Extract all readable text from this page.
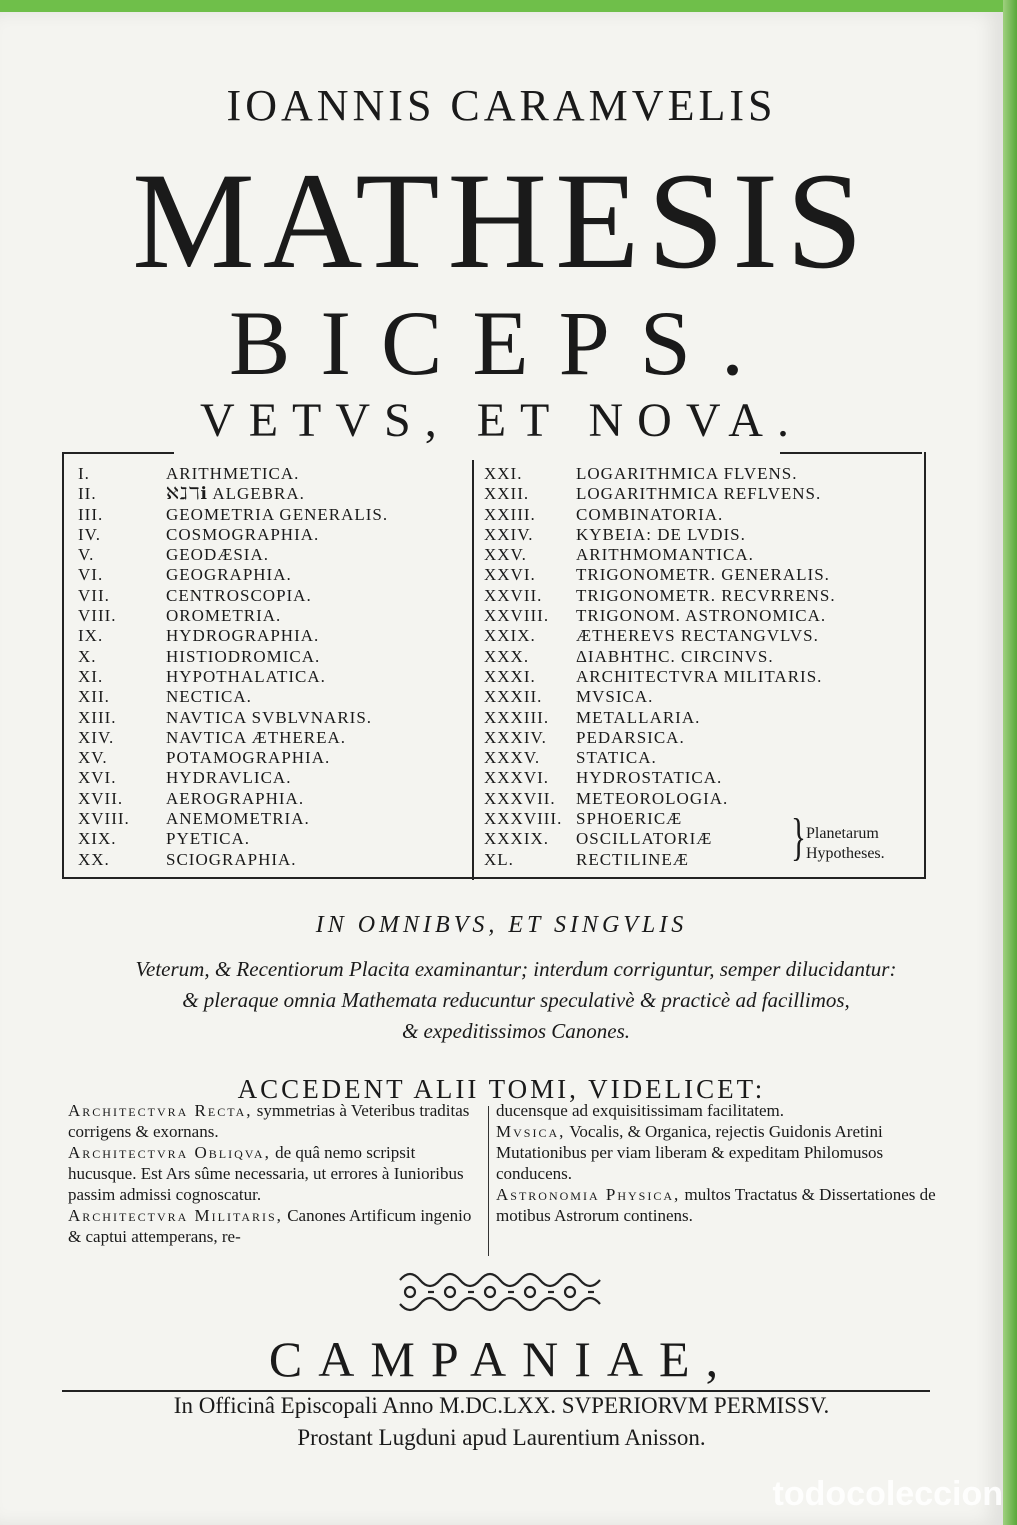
IOANNIS CARAMVELIS
MATHESIS
BICEPS.
VETVS, ET NOVA.
I.	ARITHMETICA.
II.	ℵℷℸℹ ALGEBRA.
III.	GEOMETRIA GENERALIS.
IV.	COSMOGRAPHIA.
V.	GEODÆSIA.
VI.	GEOGRAPHIA.
VII.	CENTROSCOPIA.
VIII.	OROMETRIA.
IX.	HYDROGRAPHIA.
X.	HISTIODROMICA.
XI.	HYPOTHALATICA.
XII.	NECTICA.
XIII.	NAVTICA SVBLVNARIS.
XIV.	NAVTICA ÆTHEREA.
XV.	POTAMOGRAPHIA.
XVI.	HYDRAVLICA.
XVII.	AEROGRAPHIA.
XVIII.	ANEMOMETRIA.
XIX.	PYETICA.
XX.	SCIOGRAPHIA.
XXI.	LOGARITHMICA FLVENS.
XXII.	LOGARITHMICA REFLVENS.
XXIII.	COMBINATORIA.
XXIV.	KYBEIA: DE LVDIS.
XXV.	ARITHMOMANTICA.
XXVI.	TRIGONOMETR. GENERALIS.
XXVII.	TRIGONOMETR. RECVRRENS.
XXVIII.	TRIGONOM. ASTRONOMICA.
XXIX.	ÆTHEREVS RECTANGVLVS.
XXX.	ΔΙΑΒΗΤΗC. CIRCINVS.
XXXI.	ARCHITECTVRA MILITARIS.
XXXII.	MVSICA.
XXXIII.	METALLARIA.
XXXIV.	PEDARSICA.
XXXV.	STATICA.
XXXVI.	HYDROSTATICA.
XXXVII.	METEOROLOGIA.
XXXVIII. SPHOERICÆ
XXXIX.	OSCILLATORIÆ
XL.	RECTILINEÆ } Planetarum
Hypotheses.
IN OMNIBVS, ET SINGVLIS
Veterum, & Recentiorum Placita examinantur; interdum corriguntur, semper dilucidantur:
& pleraque omnia Mathemata reducuntur speculativè & practicè ad facillimos,
& expeditissimos Canones.
ACCEDENT ALII TOMI, VIDELICET:
Architectvra Recta, symmetrias à Veteribus traditas corrigens & exornans.
Architectvra Obliqva, de quâ nemo scripsit hucusque. Est Ars sûme necessaria, ut errores à Iunioribus passim admissi cognoscatur.
Architectvra Militaris, Canones Artificum ingenio & captui attemperans, re-
ducensque ad exquisitissimam facilitatem.
Mvsica, Vocalis, & Organica, rejectis Guidonis Aretini Mutationibus per viam liberam & expeditam Philomusos conducens.
Astronomia Physica, multos Tractatus & Dissertationes de motibus Astrorum continens.
CAMPANIAE,
In Officinâ Episcopali Anno M.DC.LXX. SVPERIORVM PERMISSV.
Prostant Lugduni apud Laurentium Anisson.
todocoleccion
